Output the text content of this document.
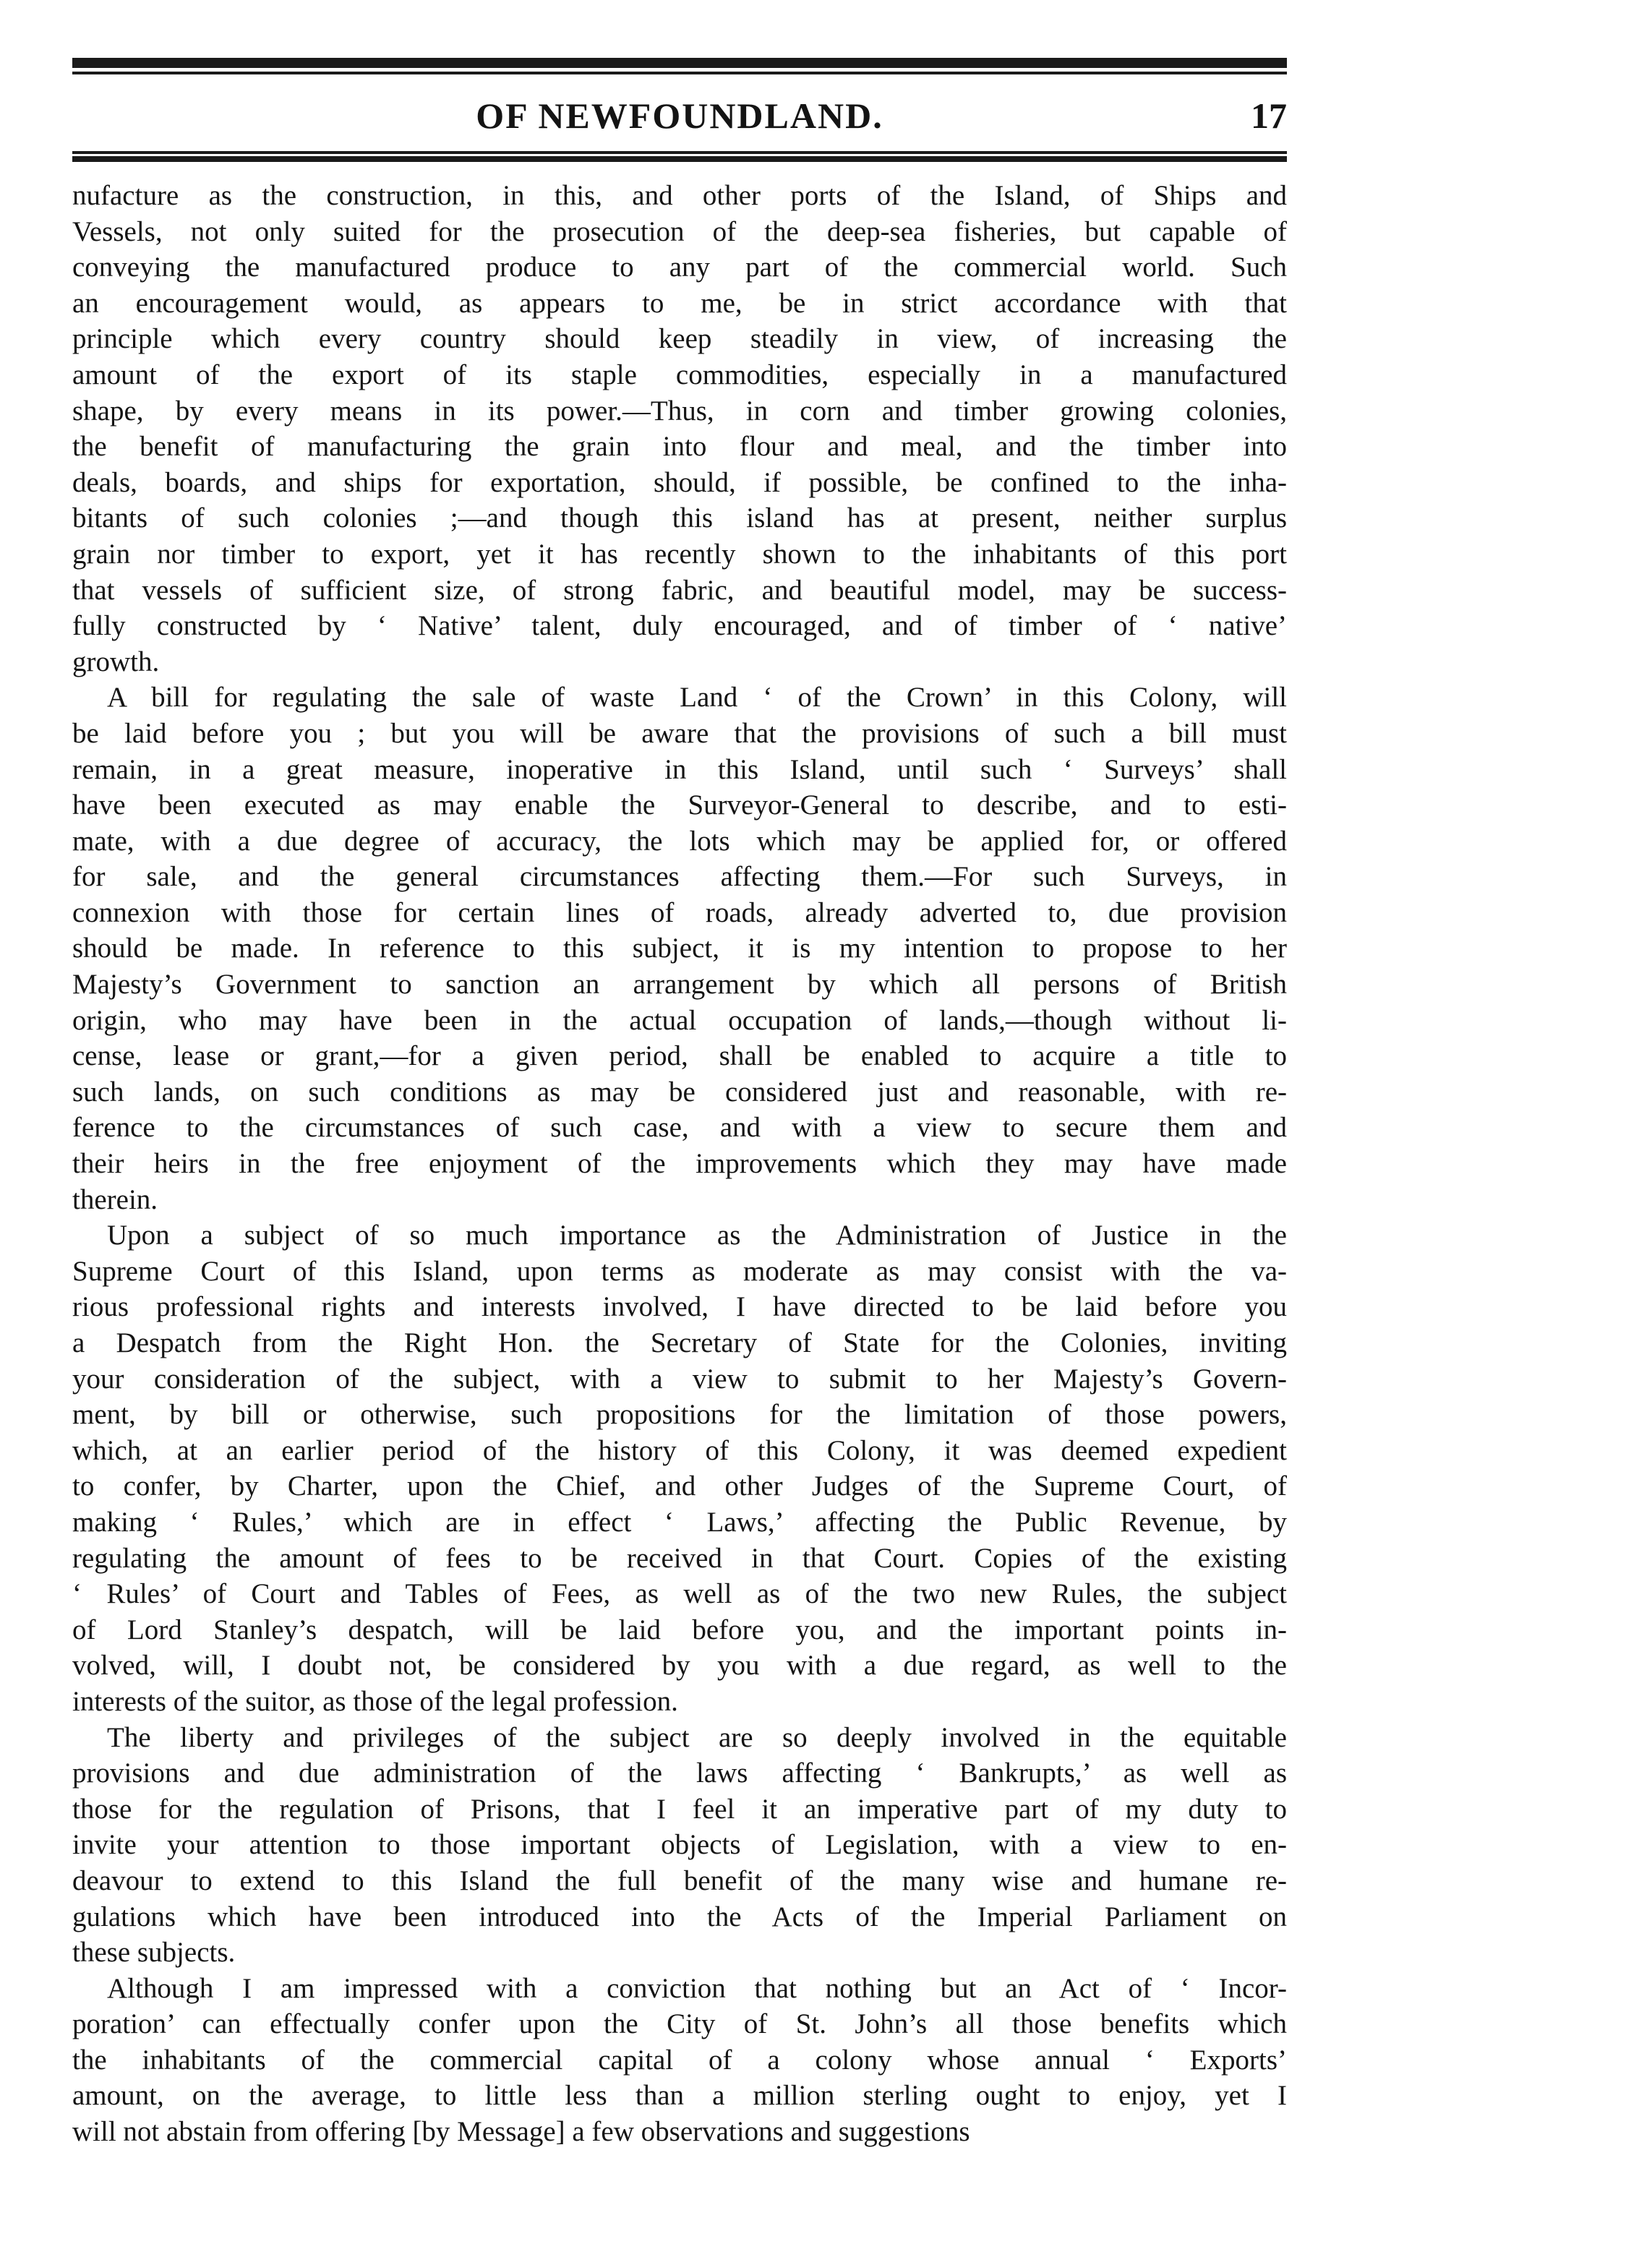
OF NEWFOUNDLAND.	17

nufacture as the construction, in this, and other ports of the Island, of Ships and
Vessels, not only suited for the prosecution of the deep-sea fisheries, but capable of
conveying the manufactured produce to any part of the commercial world. Such
an encouragement would, as appears to me, be in strict accordance with that
principle which every country should keep steadily in view, of increasing the
amount of the export of its staple commodities, especially in a manufactured
shape, by every means in its power.—Thus, in corn and timber growing colonies,
the benefit of manufacturing the grain into flour and meal, and the timber into
deals, boards, and ships for exportation, should, if possible, be confined to the inha-
bitants of such colonies ;—and though this island has at present, neither surplus
grain nor timber to export, yet it has recently shown to the inhabitants of this port
that vessels of sufficient size, of strong fabric, and beautiful model, may be success-
fully constructed by ‘ Native’ talent, duly encouraged, and of timber of ‘ native’
growth.

A bill for regulating the sale of waste Land ‘ of the Crown’ in this Colony, will
be laid before you ; but you will be aware that the provisions of such a bill must
remain, in a great measure, inoperative in this Island, until such ‘ Surveys’ shall
have been executed as may enable the Surveyor-General to describe, and to esti-
mate, with a due degree of accuracy, the lots which may be applied for, or offered
for sale, and the general circumstances affecting them.—For such Surveys, in
connexion with those for certain lines of roads, already adverted to, due provision
should be made. In reference to this subject, it is my intention to propose to her
Majesty’s Government to sanction an arrangement by which all persons of British
origin, who may have been in the actual occupation of lands,—though without li-
cense, lease or grant,—for a given period, shall be enabled to acquire a title to
such lands, on such conditions as may be considered just and reasonable, with re-
ference to the circumstances of such case, and with a view to secure them and
their heirs in the free enjoyment of the improvements which they may have made
therein.

Upon a subject of so much importance as the Administration of Justice in the
Supreme Court of this Island, upon terms as moderate as may consist with the va-
rious professional rights and interests involved, I have directed to be laid before you
a Despatch from the Right Hon. the Secretary of State for the Colonies, inviting
your consideration of the subject, with a view to submit to her Majesty’s Govern-
ment, by bill or otherwise, such propositions for the limitation of those powers,
which, at an earlier period of the history of this Colony, it was deemed expedient
to confer, by Charter, upon the Chief, and other Judges of the Supreme Court, of
making ‘ Rules,’ which are in effect ‘ Laws,’ affecting the Public Revenue, by
regulating the amount of fees to be received in that Court. Copies of the existing
‘ Rules’ of Court and Tables of Fees, as well as of the two new Rules, the subject
of Lord Stanley’s despatch, will be laid before you, and the important points in-
volved, will, I doubt not, be considered by you with a due regard, as well to the
interests of the suitor, as those of the legal profession.

The liberty and privileges of the subject are so deeply involved in the equitable
provisions and due administration of the laws affecting ‘ Bankrupts,’ as well as
those for the regulation of Prisons, that I feel it an imperative part of my duty to
invite your attention to those important objects of Legislation, with a view to en-
deavour to extend to this Island the full benefit of the many wise and humane re-
gulations which have been introduced into the Acts of the Imperial Parliament on
these subjects.

Although I am impressed with a conviction that nothing but an Act of ‘ Incor-
poration’ can effectually confer upon the City of St. John’s all those benefits which
the inhabitants of the commercial capital of a colony whose annual ‘ Exports’
amount, on the average, to little less than a million sterling ought to enjoy, yet I
will not abstain from offering [by Message] a few observations and suggestions
